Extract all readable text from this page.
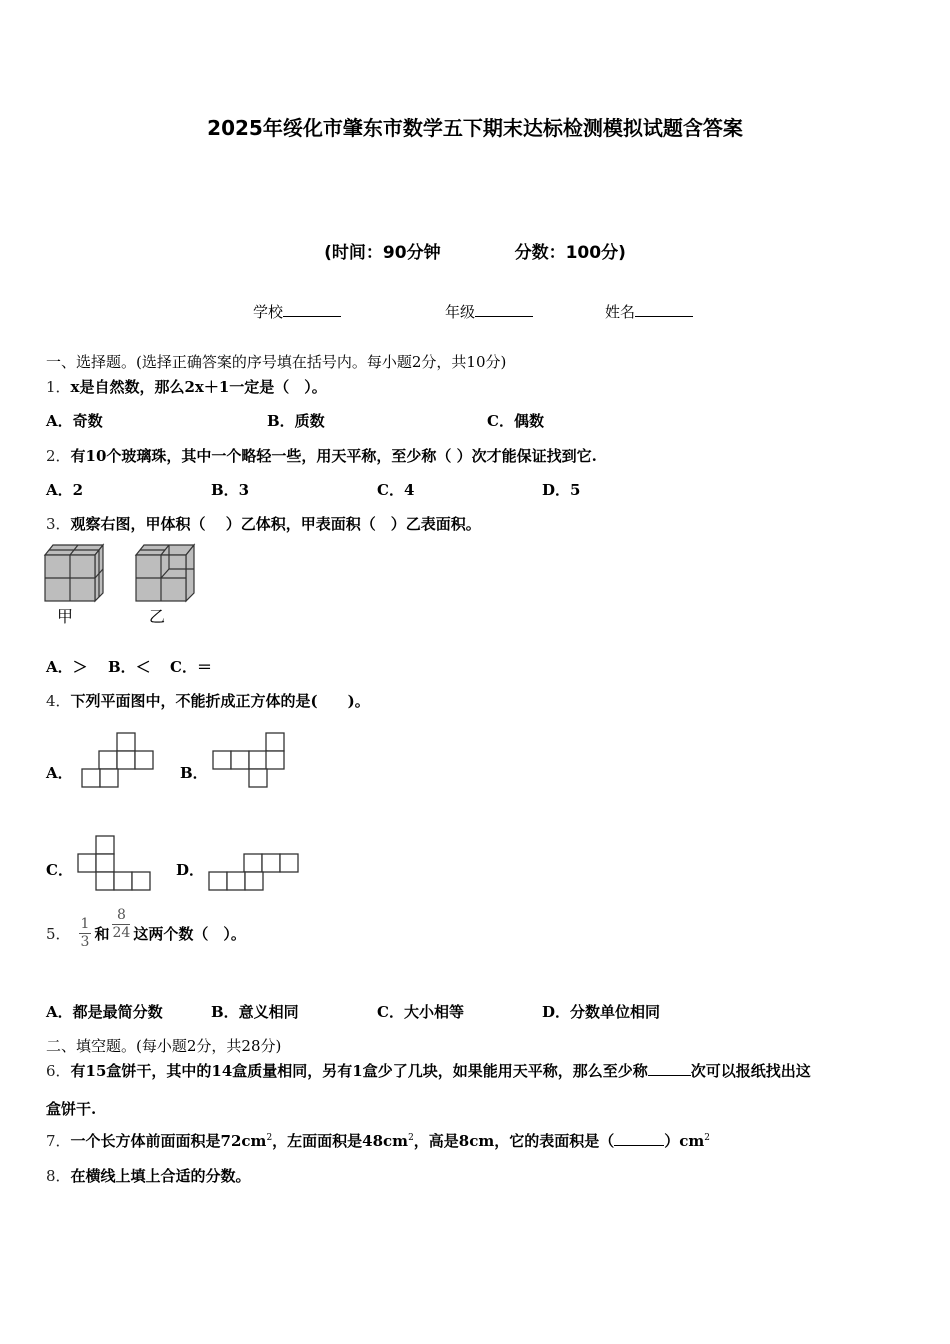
2025年绥化市肇东市数学五下期末达标检测模拟试题含答案
(时间：90分钟	分数：100分)
学校	年级	姓名
一、选择题。(选择正确答案的序号填在括号内。每小题2分，共10分)
1．x是自然数，那么2x＋1一定是（　）。
A．奇数	B．质数	C．偶数
2．有10个玻璃珠，其中一个略轻一些，用天平称，至少称（ ）次才能保证找到它.
A．2	B．3	C．4	D．5
3．观察右图，甲体积（　 ）乙体积，甲表面积（　）乙表面积。
甲	乙
A．＞ B．＜ C．＝
4．下列平面图中，不能折成正方体的是(　　)。
A．	B．
C．	D．
5． $\frac{1}{3}$ 和 $\frac{8}{24}$ 这两个数（　）。
A．都是最简分数	B．意义相同	C．大小相等	D．分数单位相同
二、填空题。(每小题2分，共28分)
6．有15盒饼干，其中的14盒质量相同，另有1盒少了几块，如果能用天平称，那么至少称	次可以报纸找出这
盒饼干.
7．一个长方体前面面积是$72cm^2$，左面面积是$48cm^2$，高是8cm，它的表面积是（	）$cm^2$
8．在横线上填上合适的分数。
